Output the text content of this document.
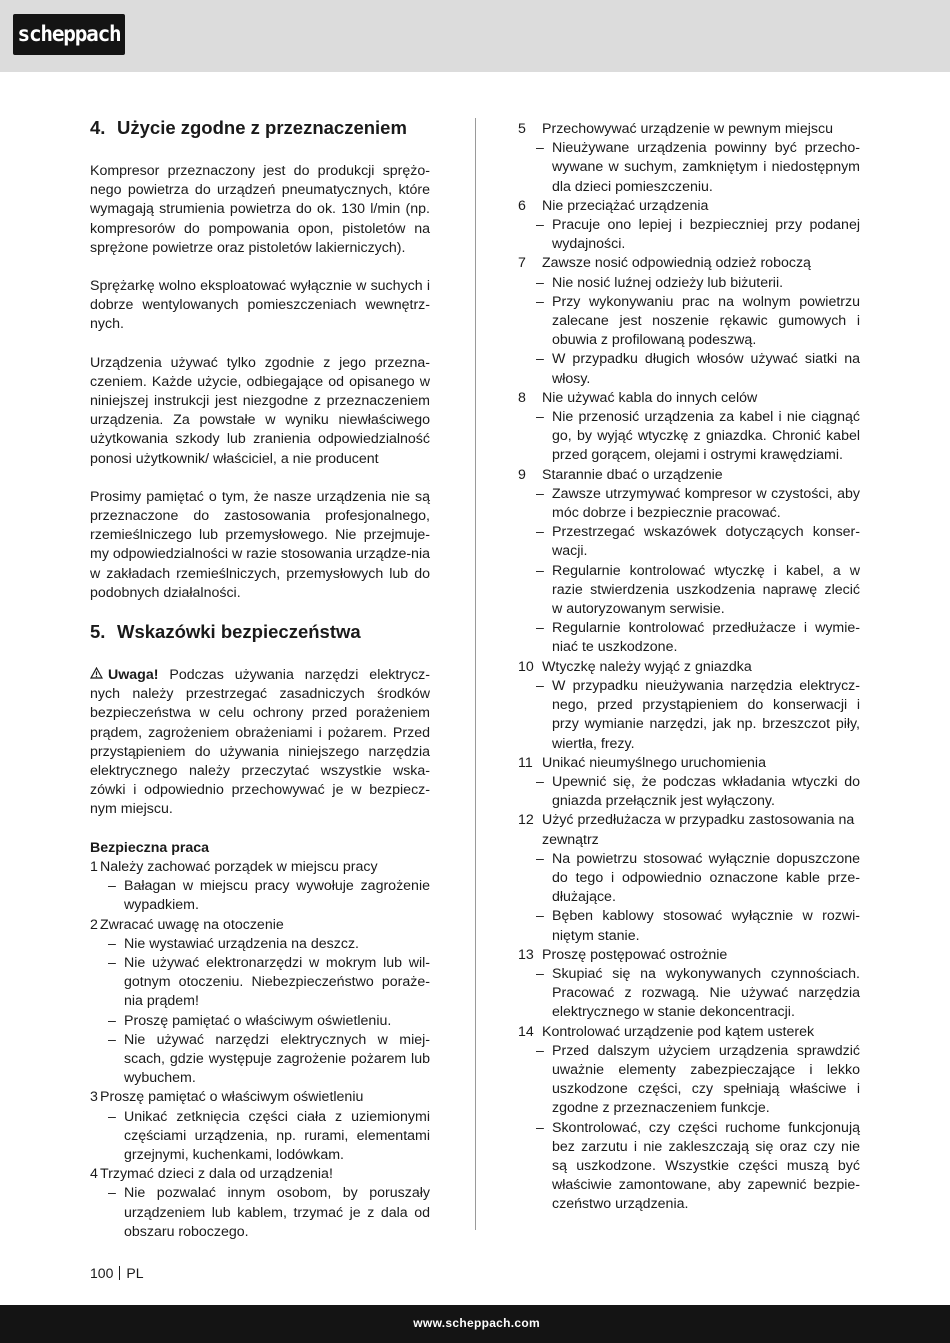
scheppach
4. Użycie zgodne z przeznaczeniem

Kompresor przeznaczony jest do produkcji sprężo-nego powietrza do urządzeń pneumatycznych, które wymagają strumienia powietrza do ok. 130 l/min (np. kompresorów do pompowania opon, pistoletów na sprężone powietrze oraz pistoletów lakierniczych).

Sprężarkę wolno eksploatować wyłącznie w suchych i dobrze wentylowanych pomieszczeniach wewnętrz-nych.

Urządzenia używać tylko zgodnie z jego przezna-czeniem. Każde użycie, odbiegające od opisanego w niniejszej instrukcji jest niezgodne z przeznaczeniem urządzenia. Za powstałe w wyniku niewłaściwego użytkowania szkody lub zranienia odpowiedzialność ponosi użytkownik/ właściciel, a nie producent

Prosimy pamiętać o tym, że nasze urządzenia nie są przeznaczone do zastosowania profesjonalnego, rzemieślniczego lub przemysłowego. Nie przejmuje-my odpowiedzialności w razie stosowania urządze-nia w zakładach rzemieślniczych, przemysłowych lub do podobnych działalności.

5. Wskazówki bezpieczeństwa

Uwaga! Podczas używania narzędzi elektrycz-nych należy przestrzegać zasadniczych środków bezpieczeństwa w celu ochrony przed porażeniem prądem, zagrożeniem obrażeniami i pożarem. Przed przystąpieniem do używania niniejszego narzędzia elektrycznego należy przeczytać wszystkie wska-zówki i odpowiednio przechowywać je w bezpiecz-nym miejscu.

Bezpieczna praca
1 Należy zachować porządek w miejscu pracy
– Bałagan w miejscu pracy wywołuje zagrożenie wypadkiem.
2 Zwracać uwagę na otoczenie
– Nie wystawiać urządzenia na deszcz.
– Nie używać elektronarzędzi w mokrym lub wil-gotnym otoczeniu. Niebezpieczeństwo poraże-nia prądem!
– Proszę pamiętać o właściwym oświetleniu.
– Nie używać narzędzi elektrycznych w miej-scach, gdzie występuje zagrożenie pożarem lub wybuchem.
3 Proszę pamiętać o właściwym oświetleniu
– Unikać zetknięcia części ciała z uziemionymi częściami urządzenia, np. rurami, elementami grzejnymi, kuchenkami, lodówkam.
4 Trzymać dzieci z dala od urządzenia!
– Nie pozwalać innym osobom, by poruszały urządzeniem lub kablem, trzymać je z dala od obszaru roboczego.
5	Przechowywać urządzenie w pewnym miejscu
– Nieużywane urządzenia powinny być przecho-wywane w suchym, zamkniętym i niedostępnym dla dzieci pomieszczeniu.
6	Nie przeciążać urządzenia
– Pracuje ono lepiej i bezpieczniej przy podanej wydajności.
7	Zawsze nosić odpowiednią odzież roboczą
– Nie nosić luźnej odzieży lub biżuterii.
– Przy wykonywaniu prac na wolnym powietrzu zalecane jest noszenie rękawic gumowych i obuwia z profilowaną podeszwą.
– W przypadku długich włosów używać siatki na włosy.
8	Nie używać kabla do innych celów
– Nie przenosić urządzenia za kabel i nie ciągnąć go, by wyjąć wtyczkę z gniazdka. Chronić kabel przed gorącem, olejami i ostrymi krawędziami.
9	Starannie dbać o urządzenie
– Zawsze utrzymywać kompresor w czystości, aby móc dobrze i bezpiecznie pracować.
– Przestrzegać wskazówek dotyczących konser-wacji.
– Regularnie kontrolować wtyczkę i kabel, a w razie stwierdzenia uszkodzenia naprawę zlecić w autoryzowanym serwisie.
– Regularnie kontrolować przedłużacze i wymie-niać te uszkodzone.
10 Wtyczkę należy wyjąć z gniazdka
– W przypadku nieużywania narzędzia elektrycz-nego, przed przystąpieniem do konserwacji i przy wymianie narzędzi, jak np. brzeszczot piły, wiertła, frezy.
11 Unikać nieumyślnego uruchomienia
– Upewnić się, że podczas wkładania wtyczki do gniazda przełącznik jest wyłączony.
12 Użyć przedłużacza w przypadku zastosowania na zewnątrz
– Na powietrzu stosować wyłącznie dopuszczone do tego i odpowiednio oznaczone kable prze-dłużające.
– Bęben kablowy stosować wyłącznie w rozwi-niętym stanie.
13 Proszę postępować ostrożnie
– Skupiać się na wykonywanych czynnościach. Pracować z rozwagą. Nie używać narzędzia elektrycznego w stanie dekoncentracji.
14 Kontrolować urządzenie pod kątem usterek
– Przed dalszym użyciem urządzenia sprawdzić uważnie elementy zabezpieczające i lekko uszkodzone części, czy spełniają właściwe i zgodne z przeznaczeniem funkcje.
– Skontrolować, czy części ruchome funkcjonują bez zarzutu i nie zakleszczają się oraz czy nie są uszkodzone. Wszystkie części muszą być właściwie zamontowane, aby zapewnić bezpie-czeństwo urządzenia.
100 PL
www.scheppach.com
